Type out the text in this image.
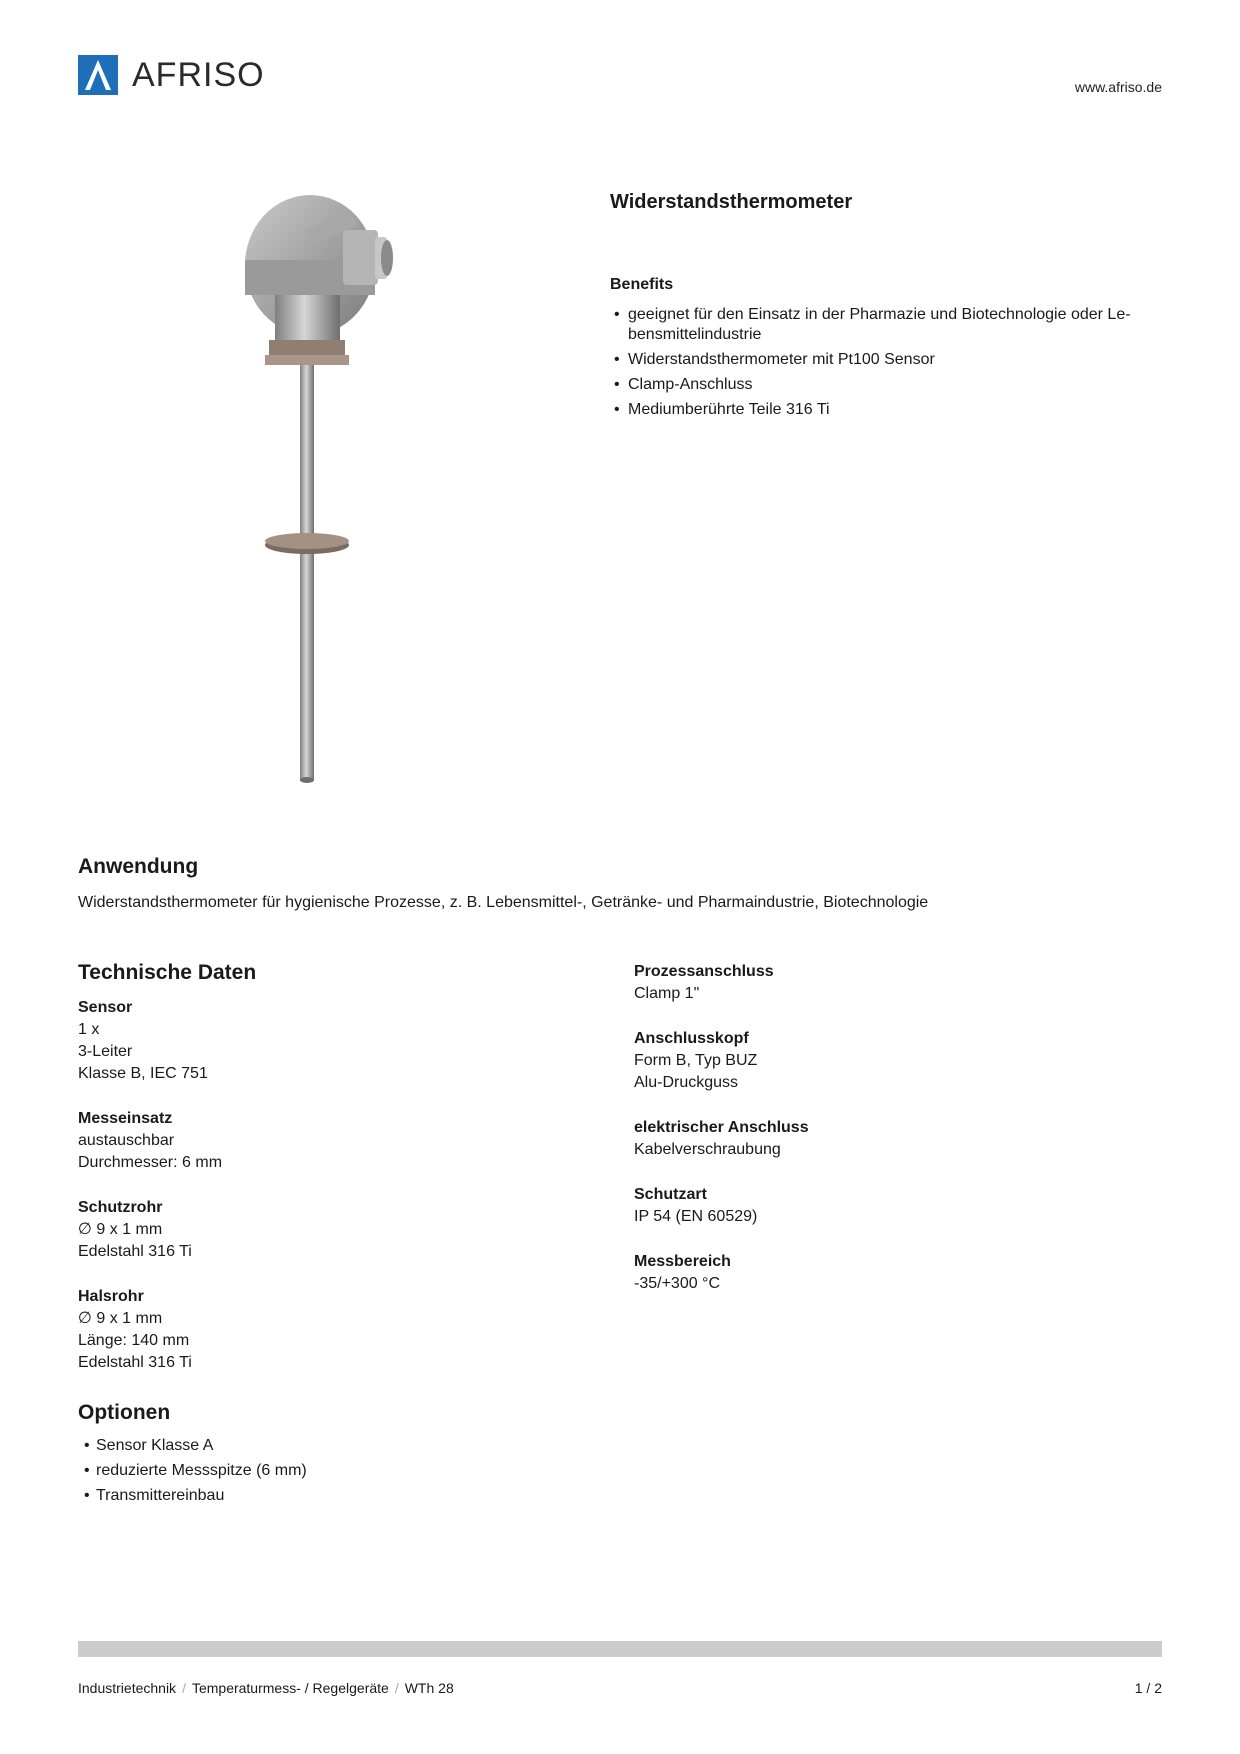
AFRISO	www.afriso.de
Widerstandsthermometer
Benefits
• geeignet für den Einsatz in der Pharmazie und Biotechnologie oder Le-bensmittelindustrie
• Widerstandsthermometer mit Pt100 Sensor
• Clamp-Anschluss
• Mediumberührte Teile 316 Ti
Anwendung
Widerstandsthermometer für hygienische Prozesse, z. B. Lebensmittel-, Getränke- und Pharmaindustrie, Biotechnologie
Technische Daten
Sensor
1 x
3-Leiter
Klasse B, IEC 751
Messeinsatz
austauschbar
Durchmesser: 6 mm
Schutzrohr
∅ 9 x 1 mm
Edelstahl 316 Ti
Halsrohr
∅ 9 x 1 mm
Länge: 140 mm
Edelstahl 316 Ti
Prozessanschluss
Clamp 1"
Anschlusskopf
Form B, Typ BUZ
Alu-Druckguss
elektrischer Anschluss
Kabelverschraubung
Schutzart
IP 54 (EN 60529)
Messbereich
-35/+300 °C
Optionen
• Sensor Klasse A
• reduzierte Messspitze (6 mm)
• Transmittereinbau
Industrietechnik / Temperaturmess- / Regelgeräte / WTh 28	1 / 2
